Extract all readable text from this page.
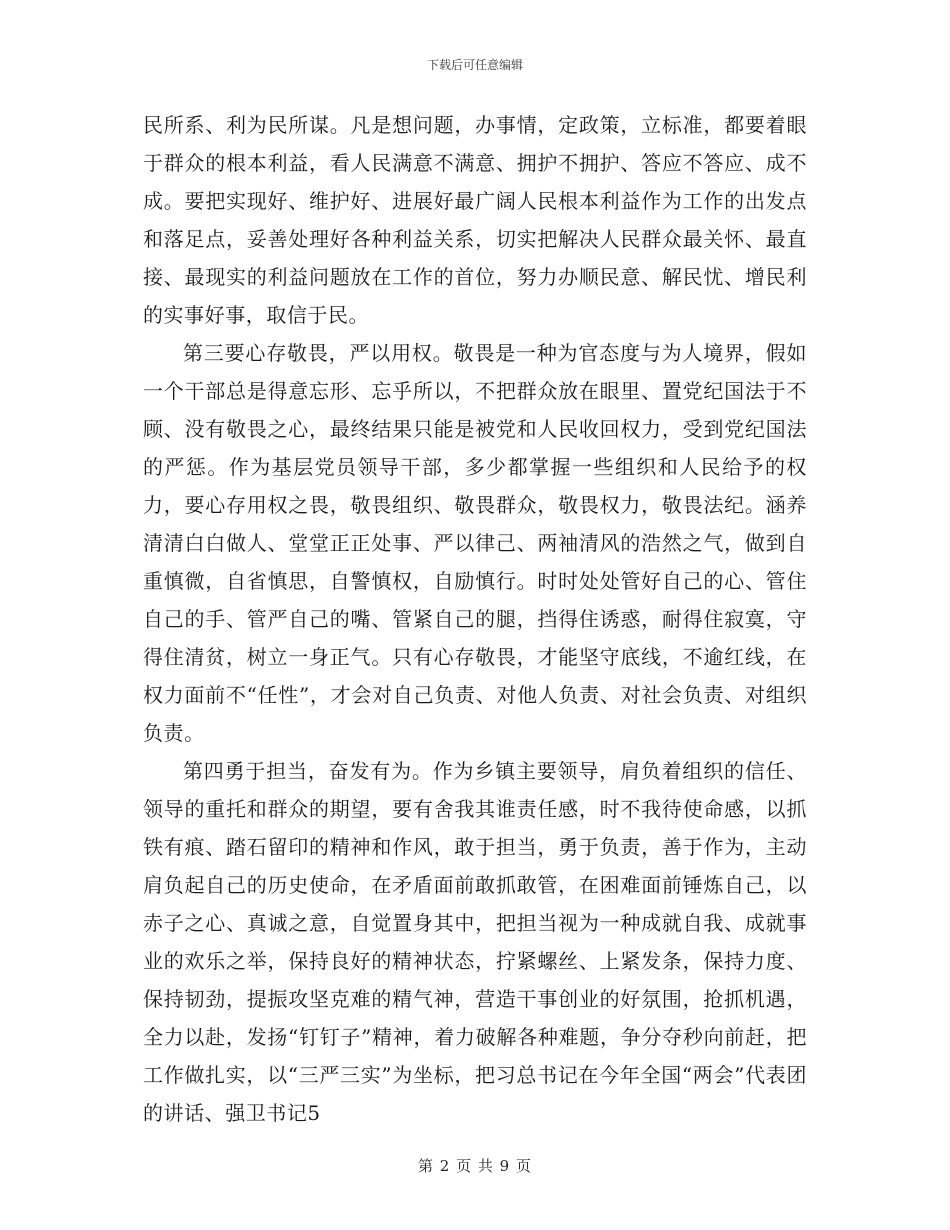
下载后可任意编辑

民所系、利为民所谋。凡是想问题，办事情，定政策，立标准，都要着眼于群众的根本利益，看人民满意不满意、拥护不拥护、答应不答应、成不成。要把实现好、维护好、进展好最广阔人民根本利益作为工作的出发点和落足点，妥善处理好各种利益关系，切实把解决人民群众最关怀、最直接、最现实的利益问题放在工作的首位，努力办顺民意、解民忧、增民利的实事好事，取信于民。

第三要心存敬畏，严以用权。敬畏是一种为官态度与为人境界，假如一个干部总是得意忘形、忘乎所以，不把群众放在眼里、置党纪国法于不顾、没有敬畏之心，最终结果只能是被党和人民收回权力，受到党纪国法的严惩。作为基层党员领导干部，多少都掌握一些组织和人民给予的权力，要心存用权之畏，敬畏组织、敬畏群众，敬畏权力，敬畏法纪。涵养清清白白做人、堂堂正正处事、严以律己、两袖清风的浩然之气，做到自重慎微，自省慎思，自警慎权，自励慎行。时时处处管好自己的心、管住自己的手、管严自己的嘴、管紧自己的腿，挡得住诱惑，耐得住寂寞，守得住清贫，树立一身正气。只有心存敬畏，才能坚守底线，不逾红线，在权力面前不“任性”，才会对自己负责、对他人负责、对社会负责、对组织负责。

第四勇于担当，奋发有为。作为乡镇主要领导，肩负着组织的信任、领导的重托和群众的期望，要有舍我其谁责任感，时不我待使命感，以抓铁有痕、踏石留印的精神和作风，敢于担当，勇于负责，善于作为，主动肩负起自己的历史使命，在矛盾面前敢抓敢管，在困难面前锤炼自己，以赤子之心、真诚之意，自觉置身其中，把担当视为一种成就自我、成就事业的欢乐之举，保持良好的精神状态，拧紧螺丝、上紧发条，保持力度、保持韧劲，提振攻坚克难的精气神，营造干事创业的好氛围，抢抓机遇，全力以赴，发扬“钉钉子”精神，着力破解各种难题，争分夺秒向前赶，把工作做扎实，以“三严三实”为坐标，把习总书记在今年全国“两会”代表团的讲话、强卫书记5

第 2 页 共 9 页
